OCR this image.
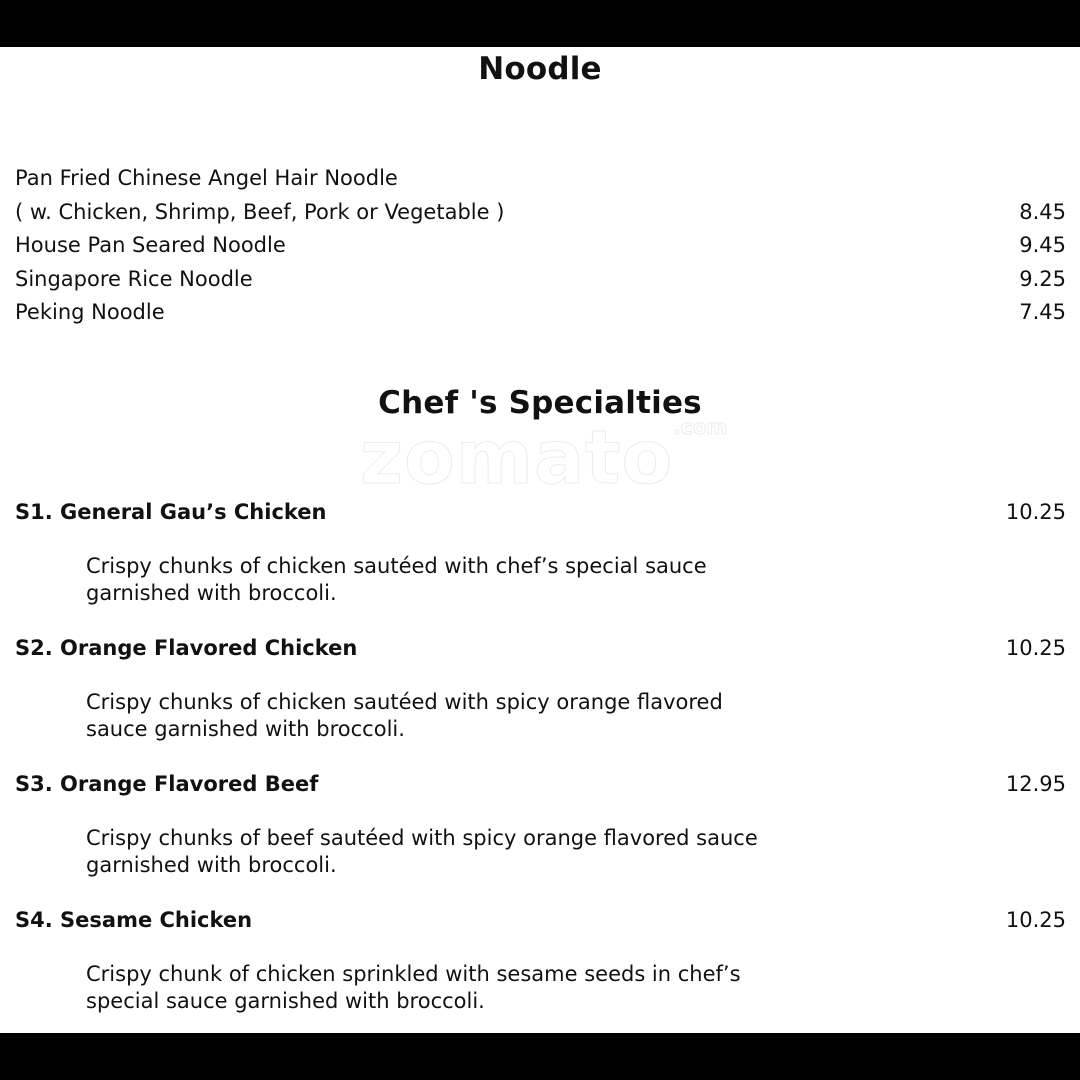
zomato$^{.com}$
Noodle
Pan Fried Chinese Angel Hair Noodle
( w. Chicken, Shrimp, Beef, Pork or Vegetable )	8.45
House Pan Seared Noodle	9.45
Singapore Rice Noodle	9.25
Peking Noodle	7.45
Chef 's Specialties
S1. General Gau’s Chicken	10.25

Crispy chunks of chicken sautéed with chef’s special sauce
garnished with broccoli.

S2. Orange Flavored Chicken	10.25

Crispy chunks of chicken sautéed with spicy orange flavored
sauce garnished with broccoli.

S3. Orange Flavored Beef	12.95

Crispy chunks of beef sautéed with spicy orange flavored sauce
garnished with broccoli.

S4. Sesame Chicken	10.25

Crispy chunk of chicken sprinkled with sesame seeds in chef’s
special sauce garnished with broccoli.
